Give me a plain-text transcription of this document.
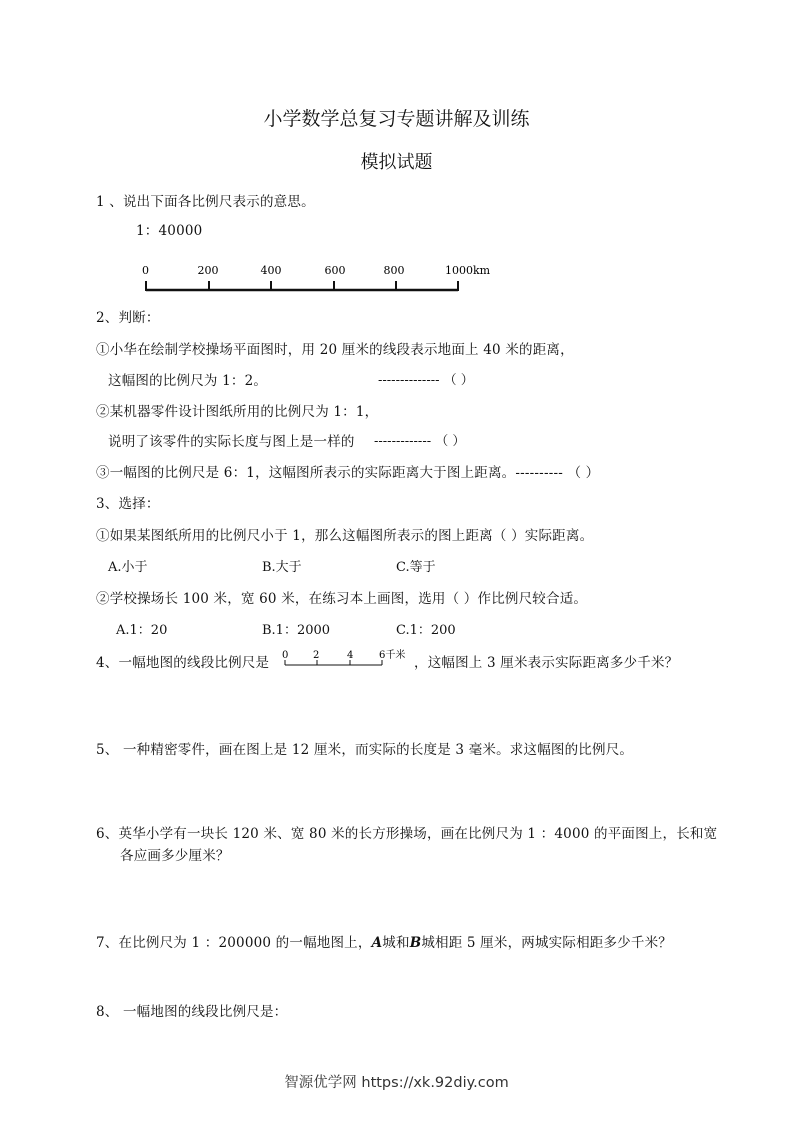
小学数学总复习专题讲解及训练
模拟试题
1 、说出下面各比例尺表示的意思。
1：40000
0	200	400	600	800	1000km
2、判断：
①小华在绘制学校操场平面图时，用 20 厘米的线段表示地面上 40 米的距离，
这幅图的比例尺为 1：2。	-------------- （ ）
②某机器零件设计图纸所用的比例尺为 1：1，
说明了该零件的实际长度与图上是一样的 ------------- （ ）
③一幅图的比例尺是 6：1，这幅图所表示的实际距离大于图上距离。---------- （ ）
3、选择：
①如果某图纸所用的比例尺小于 1，那么这幅图所表示的图上距离（ ）实际距离。
A.小于	B.大于	C.等于
②学校操场长 100 米，宽 60 米，在练习本上画图，选用（ ）作比例尺较合适。
A.1：20	B.1：2000	C.1：200
4、一幅地图的线段比例尺是 0 2	4	6千米 ，这幅图上 3 厘米表示实际距离多少千米？
5、 一种精密零件，画在图上是 12 厘米，而实际的长度是 3 毫米。求这幅图的比例尺。
6、英华小学有一块长 120 米、宽 80 米的长方形操场，画在比例尺为 1 ：4000 的平面图上，长和宽
各应画多少厘米？
7、在比例尺为 1 ：200000 的一幅地图上，A城和B城相距 5 厘米，两城实际相距多少千米？
8、 一幅地图的线段比例尺是：
智源优学网 https://xk.92diy.com
